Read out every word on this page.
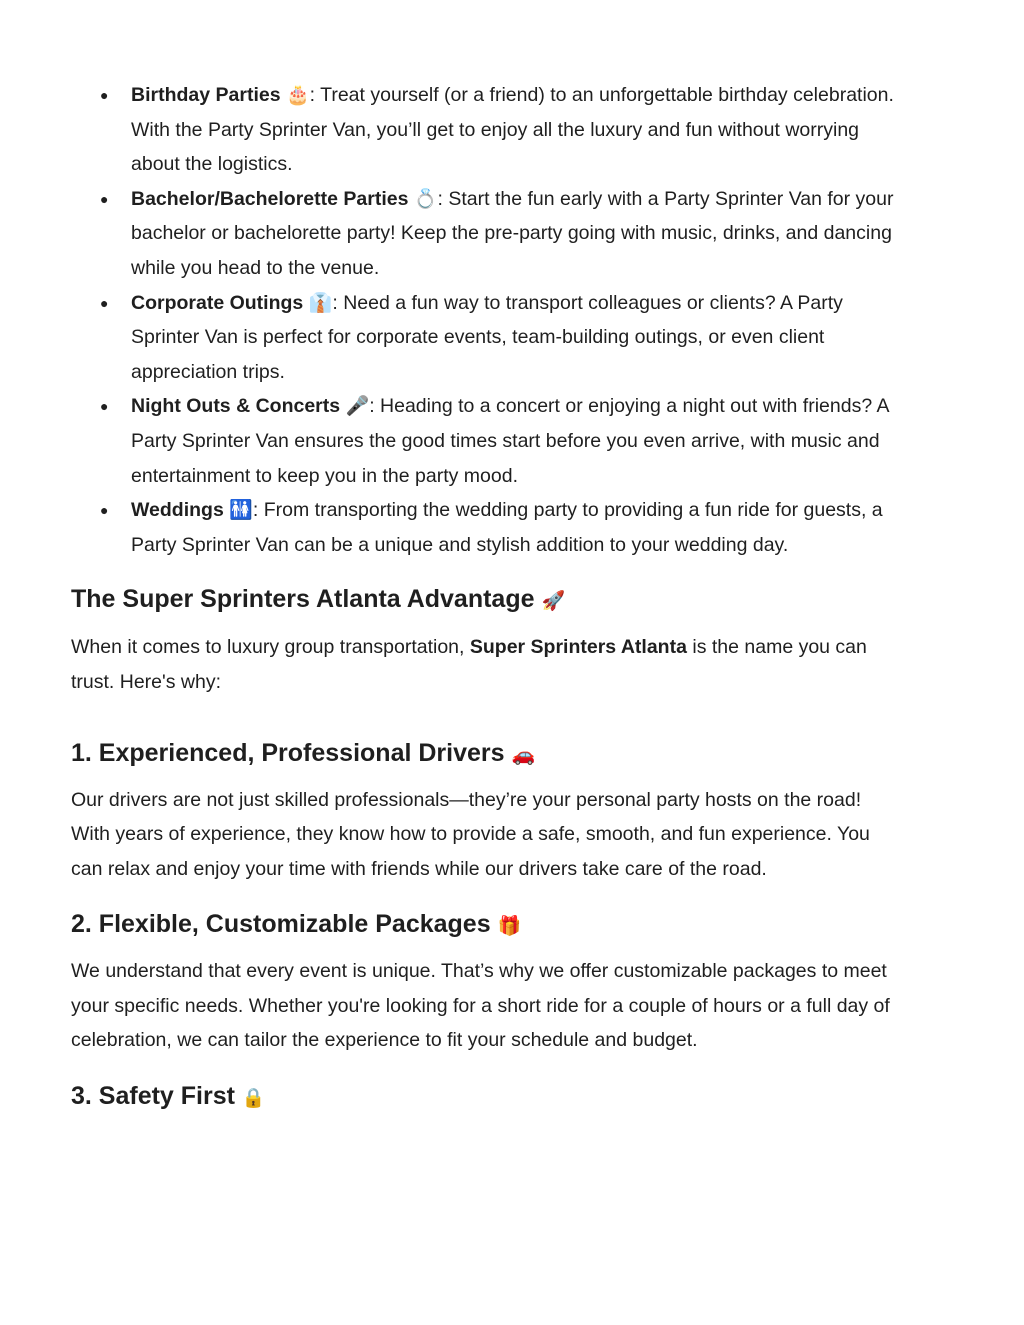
● Birthday Parties 🎂: Treat yourself (or a friend) to an unforgettable birthday celebration. With the Party Sprinter Van, you’ll get to enjoy all the luxury and fun without worrying about the logistics.
● Bachelor/Bachelorette Parties 💍: Start the fun early with a Party Sprinter Van for your bachelor or bachelorette party! Keep the pre-party going with music, drinks, and dancing while you head to the venue.
● Corporate Outings 👔: Need a fun way to transport colleagues or clients? A Party Sprinter Van is perfect for corporate events, team-building outings, or even client appreciation trips.
● Night Outs & Concerts 🎤: Heading to a concert or enjoying a night out with friends? A Party Sprinter Van ensures the good times start before you even arrive, with music and entertainment to keep you in the party mood.
● Weddings 🚻: From transporting the wedding party to providing a fun ride for guests, a Party Sprinter Van can be a unique and stylish addition to your wedding day.
The Super Sprinters Atlanta Advantage 🚀

When it comes to luxury group transportation, Super Sprinters Atlanta is the name you can trust. Here's why:

1. Experienced, Professional Drivers 🚗

Our drivers are not just skilled professionals—they’re your personal party hosts on the road! With years of experience, they know how to provide a safe, smooth, and fun experience. You can relax and enjoy your time with friends while our drivers take care of the road.

2. Flexible, Customizable Packages 🎁

We understand that every event is unique. That’s why we offer customizable packages to meet your specific needs. Whether you're looking for a short ride for a couple of hours or a full day of celebration, we can tailor the experience to fit your schedule and budget.

3. Safety First 🔒
